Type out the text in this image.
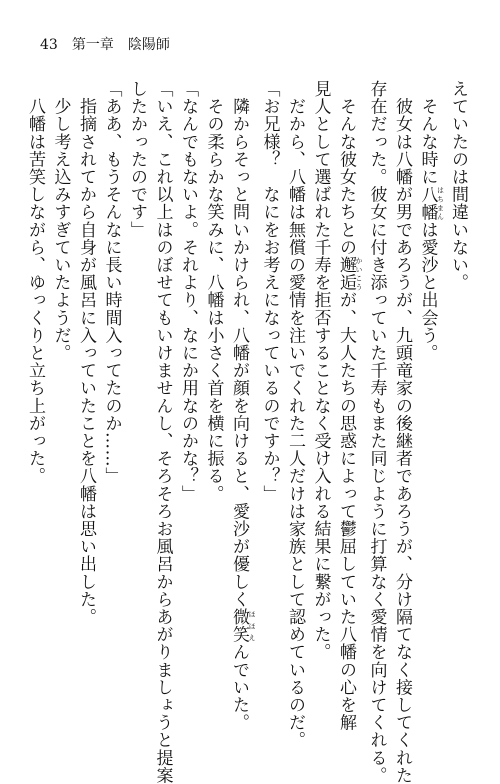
43 第一章 陰陽師
えていたのは間違いない。
　そんな時に八幡 はちまんは愛沙と出会う。
　彼女は八幡が男であろうが、九頭竜家の後継者であろうが、分け隔てなく接してくれた
存在だった。彼女に付き添っていた千寿もまた同じように打算なく愛情を向けてくれる。
　そんな彼女たちとの邂逅 かいこうが、大人たちの思惑によって鬱屈していた八幡の心を解
見人として選ばれた千寿を拒否することなく受け入れる結果に繋がった。
　だから、八幡は無償の愛情を注いでくれた二人だけは家族として認めているのだ。
「お兄様？　なにをお考えになっているのですか？」
　隣からそっと問いかけられ、八幡が顔を向けると、愛沙が優しく微笑 ほほえんでいた。
　その柔らかな笑みに、八幡は小さく首を横に振る。
「なんでもないよ。それより、なにか用なのかな？」
「いえ、これ以上はのぼせてもいけませんし、そろそろお風呂からあがりましょうと提案
したかったのです」
「ああ、もうそんなに長い時間入ってたのか……」
　指摘されてから自身が風呂に入っていたことを八幡は思い出した。
　少し考え込みすぎていたようだ。
　八幡は苦笑しながら、ゆっくりと立ち上がった。
